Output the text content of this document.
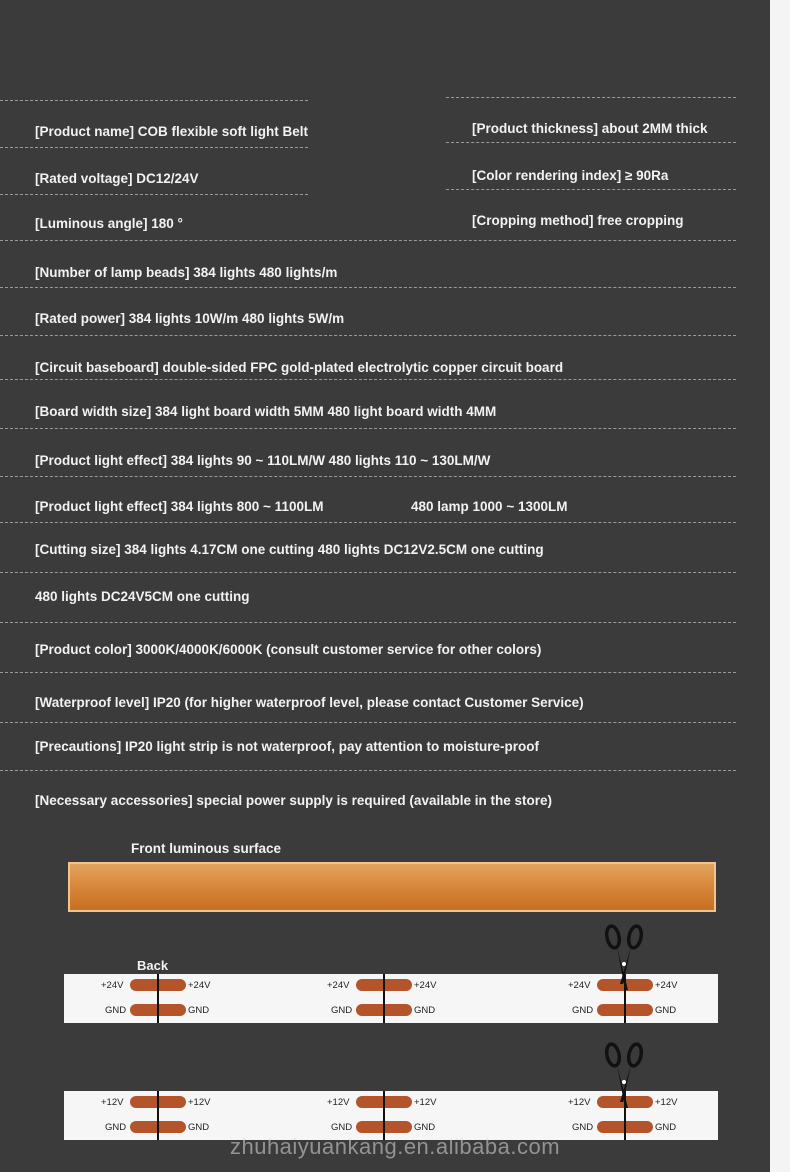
[Product name] COB flexible soft light Belt
[Rated voltage] DC12/24V
[Luminous angle] 180 °
[Number of lamp beads] 384 lights 480 lights/m
[Rated power] 384 lights 10W/m 480 lights 5W/m
[Circuit baseboard] double-sided FPC gold-plated electrolytic copper circuit board
[Board width size] 384 light board width 5MM 480 light board width 4MM
[Product light effect] 384 lights 90 ~ 110LM/W 480 lights 110 ~ 130LM/W
[Product light effect] 384 lights 800 ~ 1100LM	480 lamp 1000 ~ 1300LM
[Cutting size] 384 lights 4.17CM one cutting 480 lights DC12V2.5CM one cutting
480 lights DC24V5CM one cutting
[Product color] 3000K/4000K/6000K (consult customer service for other colors)
[Waterproof level] IP20 (for higher waterproof level, please contact Customer Service)
[Precautions] IP20 light strip is not waterproof, pay attention to moisture-proof
[Necessary accessories] special power supply is required (available in the store)
[Product thickness] about 2MM thick
[Color rendering index] ≥ 90Ra
[Cropping method] free cropping
Front luminous surface
Back
+24V	+24V
GND	GND
+24V	+24V
GND	GND
+24V	+24V
GND	GND
+12V	+12V
GND	GND
+12V	+12V
GND	GND
+12V	+12V
GND	GND
zhuhaiyuankang.en.alibaba.com
